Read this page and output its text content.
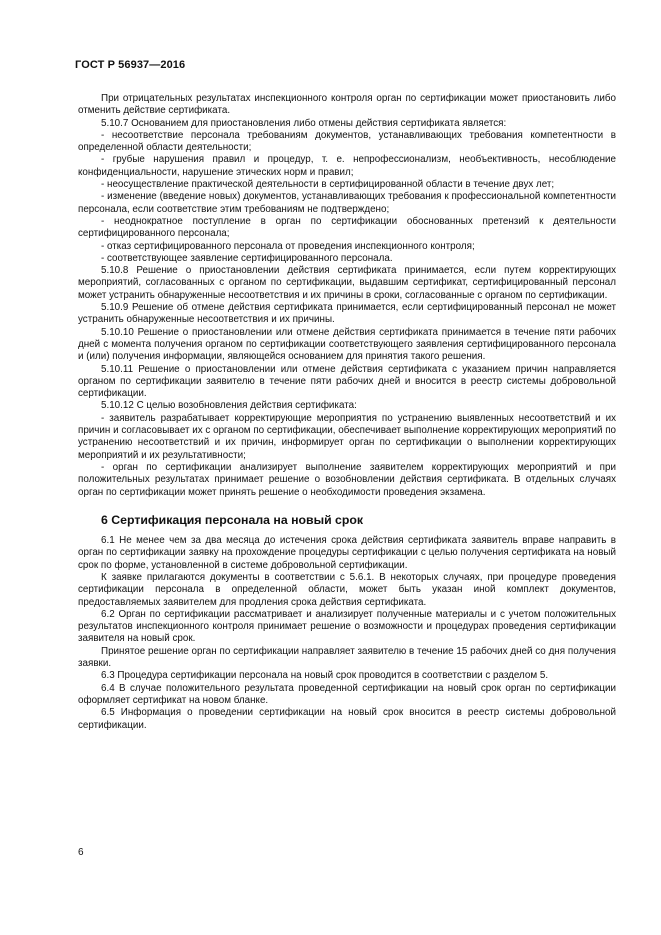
ГОСТ Р 56937—2016

При отрицательных результатах инспекционного контроля орган по сертификации может приостановить либо отменить действие сертификата.

5.10.7 Основанием для приостановления либо отмены действия сертификата является:

- несоответствие персонала требованиям документов, устанавливающих требования компетентности в определенной области деятельности;

- грубые нарушения правил и процедур, т. е. непрофессионализм, необъективность, несоблюдение конфиденциальности, нарушение этических норм и правил;

- неосуществление практической деятельности в сертифицированной области в течение двух лет;

- изменение (введение новых) документов, устанавливающих требования к профессиональной компетентности персонала, если соответствие этим требованиям не подтверждено;

- неоднократное поступление в орган по сертификации обоснованных претензий к деятельности сертифицированного персонала;

- отказ сертифицированного персонала от проведения инспекционного контроля;

- соответствующее заявление сертифицированного персонала.

5.10.8 Решение о приостановлении действия сертификата принимается, если путем корректирующих мероприятий, согласованных с органом по сертификации, выдавшим сертификат, сертифицированный персонал может устранить обнаруженные несоответствия и их причины в сроки, согласованные с органом по сертификации.

5.10.9 Решение об отмене действия сертификата принимается, если сертифицированный персонал не может устранить обнаруженные несоответствия и их причины.

5.10.10 Решение о приостановлении или отмене действия сертификата принимается в течение пяти рабочих дней с момента получения органом по сертификации соответствующего заявления сертифицированного персонала и (или) получения информации, являющейся основанием для принятия такого решения.

5.10.11 Решение о приостановлении или отмене действия сертификата с указанием причин направляется органом по сертификации заявителю в течение пяти рабочих дней и вносится в реестр системы добровольной сертификации.

5.10.12 С целью возобновления действия сертификата:

- заявитель разрабатывает корректирующие мероприятия по устранению выявленных несоответствий и их причин и согласовывает их с органом по сертификации, обеспечивает выполнение корректирующих мероприятий по устранению несоответствий и их причин, информирует орган по сертификации о выполнении корректирующих мероприятий и их результативности;

- орган по сертификации анализирует выполнение заявителем корректирующих мероприятий и при положительных результатах принимает решение о возобновлении действия сертификата. В отдельных случаях орган по сертификации может принять решение о необходимости проведения экзамена.

6 Сертификация персонала на новый срок

6.1 Не менее чем за два месяца до истечения срока действия сертификата заявитель вправе направить в орган по сертификации заявку на прохождение процедуры сертификации с целью получения сертификата на новый срок по форме, установленной в системе добровольной сертификации.

К заявке прилагаются документы в соответствии с 5.6.1. В некоторых случаях, при процедуре проведения сертификации персонала в определенной области, может быть указан иной комплект документов, предоставляемых заявителем для продления срока действия сертификата.

6.2 Орган по сертификации рассматривает и анализирует полученные материалы и с учетом положительных результатов инспекционного контроля принимает решение о возможности и процедурах проведения сертификации заявителя на новый срок.

Принятое решение орган по сертификации направляет заявителю в течение 15 рабочих дней со дня получения заявки.

6.3 Процедура сертификации персонала на новый срок проводится в соответствии с разделом 5.

6.4 В случае положительного результата проведенной сертификации на новый срок орган по сертификации оформляет сертификат на новом бланке.

6.5 Информация о проведении сертификации на новый срок вносится в реестр системы добровольной сертификации.

6
